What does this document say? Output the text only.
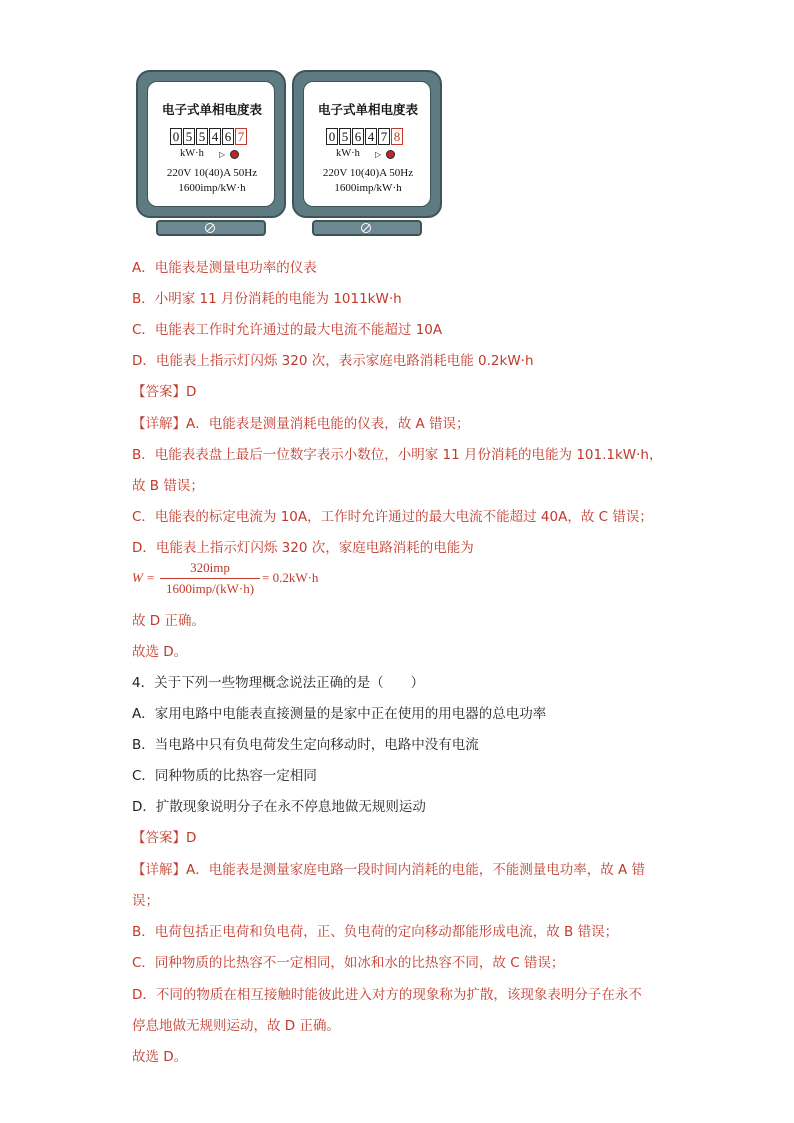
电子式单相电度表
0 5 5 4 6 7
kW·h ▷
220V 10(40)A 50Hz
1600imp/kW·h
电子式单相电度表
0 5 6 4 7 8
kW·h ▷
220V 10(40)A 50Hz
1600imp/kW·h
A．电能表是测量电功率的仪表
B．小明家 11 月份消耗的电能为 1011kW·h
C．电能表工作时允许通过的最大电流不能超过 10A
D．电能表上指示灯闪烁 320 次，表示家庭电路消耗电能 0.2kW·h
【答案】D
【详解】A．电能表是测量消耗电能的仪表，故 A 错误；
B．电能表表盘上最后一位数字表示小数位，小明家 11 月份消耗的电能为 101.1kW·h，
故 B 错误；
C．电能表的标定电流为 10A，工作时允许通过的最大电流不能超过 40A，故 C 错误；
D．电能表上指示灯闪烁 320 次，家庭电路消耗的电能为
W =
320imp
1600imp/(kW·h)
= 0.2kW·h
故 D 正确。
故选 D。
4．关于下列一些物理概念说法正确的是（　　）
A．家用电路中电能表直接测量的是家中正在使用的用电器的总电功率
B．当电路中只有负电荷发生定向移动时，电路中没有电流
C．同种物质的比热容一定相同
D．扩散现象说明分子在永不停息地做无规则运动
【答案】D
【详解】A．电能表是测量家庭电路一段时间内消耗的电能，不能测量电功率，故 A 错
误；
B．电荷包括正电荷和负电荷，正、负电荷的定向移动都能形成电流，故 B 错误；
C．同种物质的比热容不一定相同，如冰和水的比热容不同，故 C 错误；
D．不同的物质在相互接触时能彼此进入对方的现象称为扩散，该现象表明分子在永不
停息地做无规则运动，故 D 正确。
故选 D。
